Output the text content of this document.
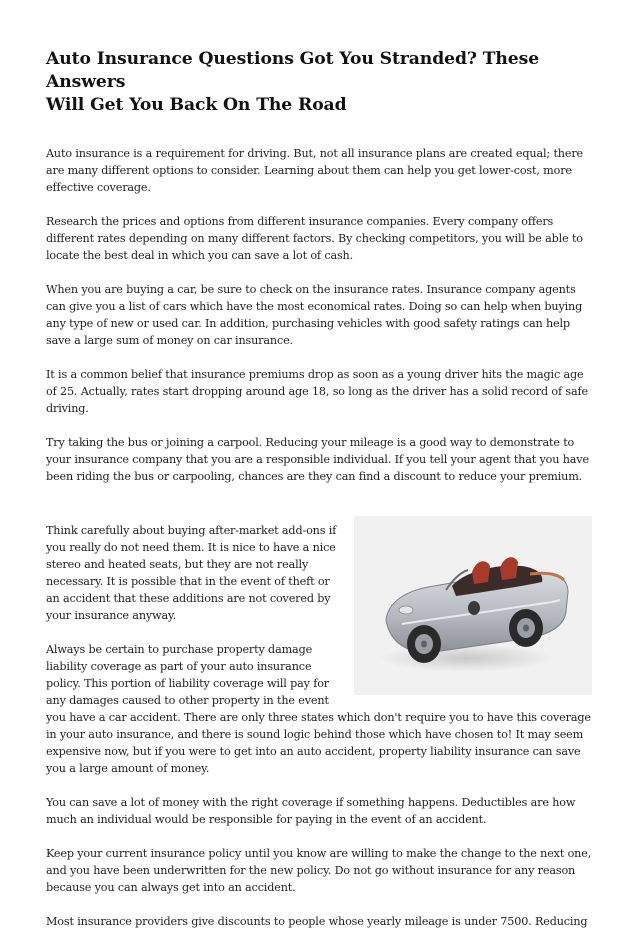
Auto Insurance Questions Got You Stranded? These Answers
Will Get You Back On The Road

Auto insurance is a requirement for driving. But, not all insurance plans are created equal; there are many different options to consider. Learning about them can help you get lower-cost, more effective coverage.

Research the prices and options from different insurance companies. Every company offers different rates depending on many different factors. By checking competitors, you will be able to locate the best deal in which you can save a lot of cash.

When you are buying a car, be sure to check on the insurance rates. Insurance company agents can give you a list of cars which have the most economical rates. Doing so can help when buying any type of new or used car. In addition, purchasing vehicles with good safety ratings can help save a large sum of money on car insurance.

It is a common belief that insurance premiums drop as soon as a young driver hits the magic age of 25. Actually, rates start dropping around age 18, so long as the driver has a solid record of safe driving.

Try taking the bus or joining a carpool. Reducing your mileage is a good way to demonstrate to your insurance company that you are a responsible individual. If you tell your agent that you have been riding the bus or carpooling, chances are they can find a discount to reduce your premium.

Think carefully about buying after-market add-ons if you really do not need them. It is nice to have a nice stereo and heated seats, but they are not really necessary. It is possible that in the event of theft or an accident that these additions are not covered by your insurance anyway.

Always be certain to purchase property damage liability coverage as part of your auto insurance policy. This portion of liability coverage will pay for any damages caused to other property in the event you have a car accident. There are only three states which don't require you to have this coverage in your auto insurance, and there is sound logic behind those which have chosen to! It may seem expensive now, but if you were to get into an auto accident, property liability insurance can save you a large amount of money.

You can save a lot of money with the right coverage if something happens. Deductibles are how much an individual would be responsible for paying in the event of an accident.

Keep your current insurance policy until you know are willing to make the change to the next one, and you have been underwritten for the new policy. Do not go without insurance for any reason because you can always get into an accident.

Most insurance providers give discounts to people whose yearly mileage is under 7500. Reducing
